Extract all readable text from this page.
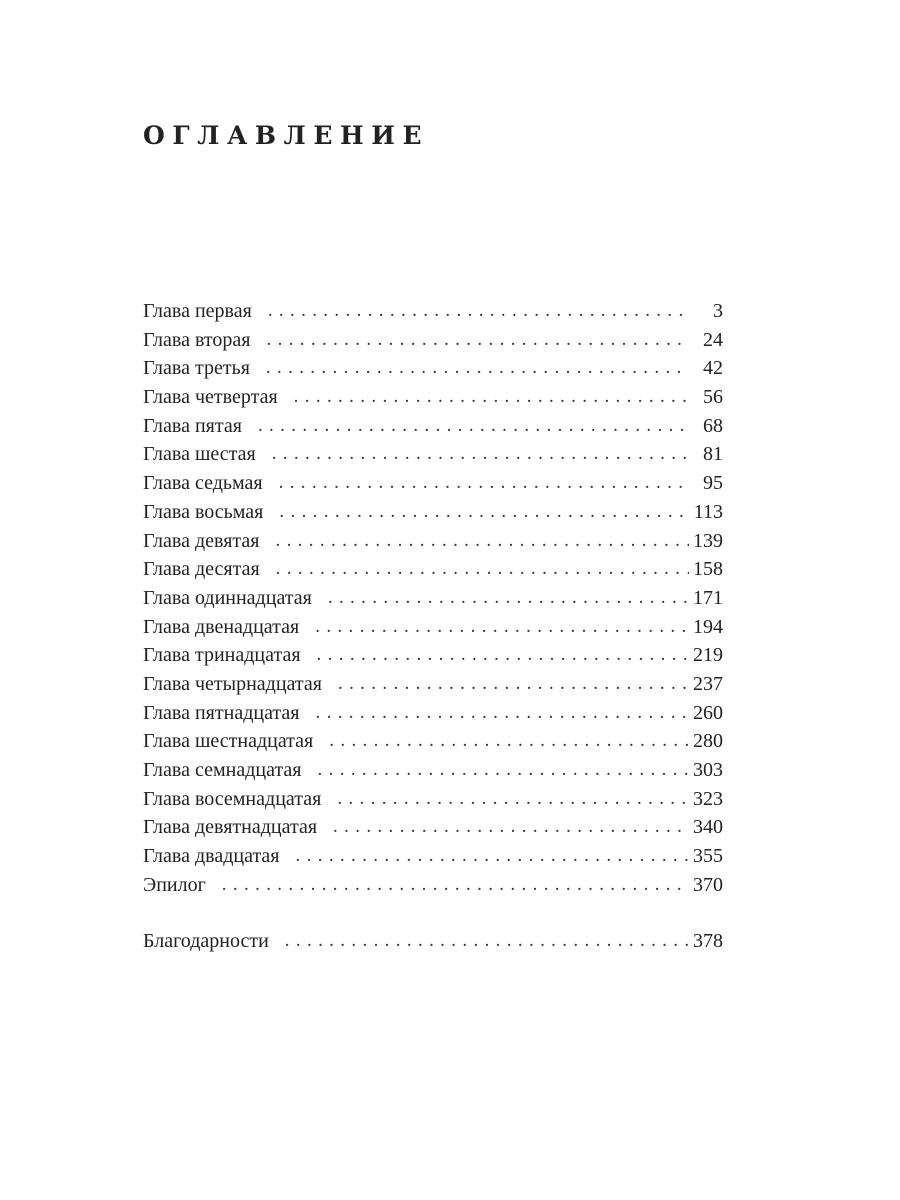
ОГЛАВЛЕНИЕ
Глава первая . . .	3
Глава вторая . . .	24
Глава третья . . .	42
Глава четвертая . . .	56
Глава пятая . . .	68
Глава шестая . . .	81
Глава седьмая . . .	95
Глава восьмая . . .	113
Глава девятая . . .	139
Глава десятая . . .	158
Глава одиннадцатая . . .	171
Глава двенадцатая . . .	194
Глава тринадцатая . . .	219
Глава четырнадцатая . . .	237
Глава пятнадцатая . . .	260
Глава шестнадцатая . . .	280
Глава семнадцатая . . .	303
Глава восемнадцатая . . .	323
Глава девятнадцатая . . .	340
Глава двадцатая . . .	355
Эпилог . . .	370
Благодарности . . .	378
